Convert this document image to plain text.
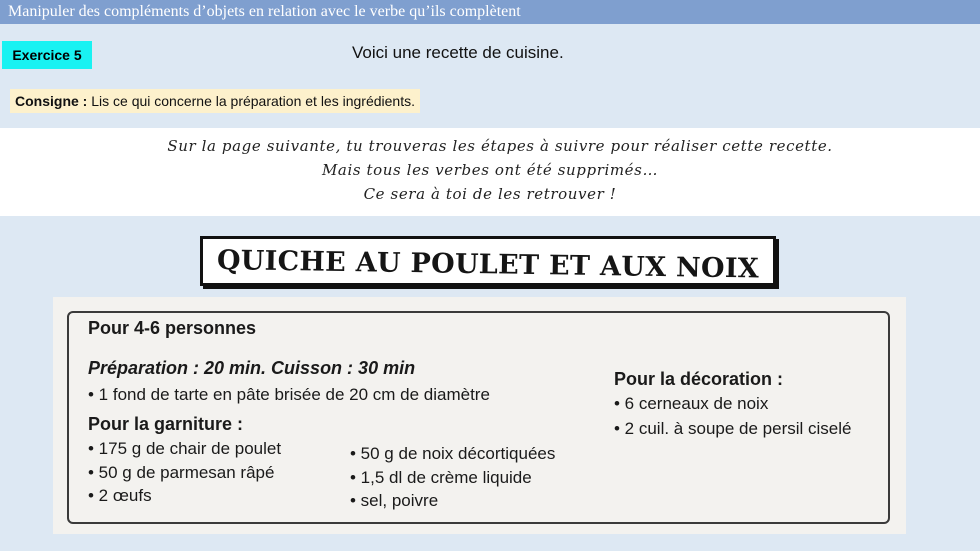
Manipuler des compléments d’objets en relation avec le verbe qu’ils complètent
Exercice 5	Voici une recette de cuisine.
Consigne : Lis ce qui concerne la préparation et les ingrédients.
Sur la page suivante, tu trouveras les étapes à suivre pour réaliser cette recette.
Mais tous les verbes ont été supprimés…
Ce sera à toi de les retrouver !
QUICHE AU POULET ET AUX NOIX
Pour 4-6 personnes
Préparation : 20 min. Cuisson : 30 min
• 1 fond de tarte en pâte brisée de 20 cm de diamètre
Pour la garniture :
• 175 g de chair de poulet
• 50 g de parmesan râpé
• 2 œufs
• 50 g de noix décortiquées
• 1,5 dl de crème liquide
• sel, poivre
Pour la décoration :
• 6 cerneaux de noix
• 2 cuil. à soupe de persil ciselé
